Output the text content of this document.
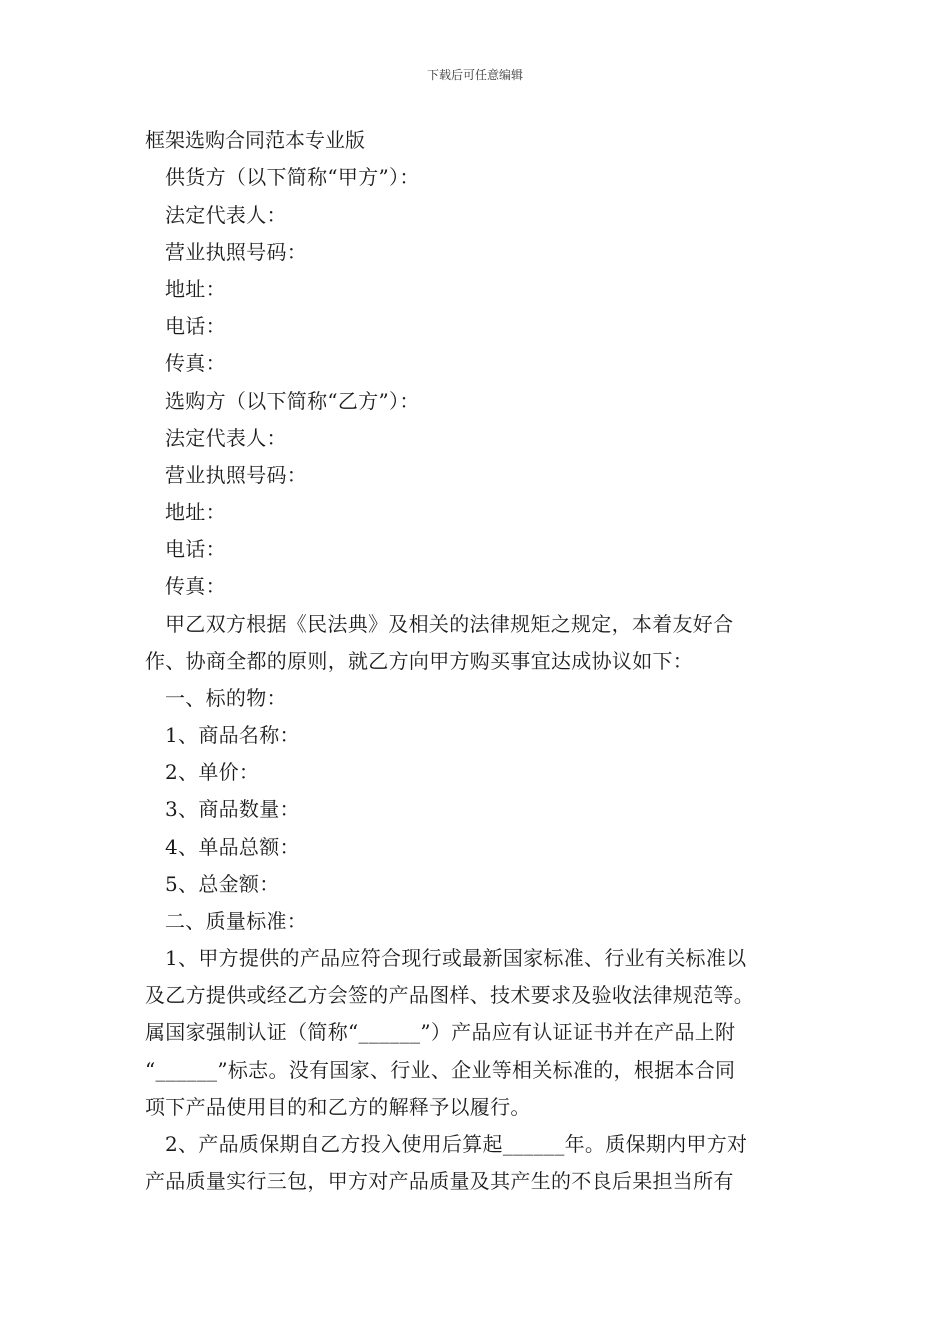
下载后可任意编辑
框架选购合同范本专业版
供货方（以下简称“甲方”）：
法定代表人：
营业执照号码：
地址：
电话：
传真：
选购方（以下简称“乙方”）：
法定代表人：
营业执照号码：
地址：
电话：
传真：
甲乙双方根据《民法典》及相关的法律规矩之规定，本着友好合
作、协商全都的原则，就乙方向甲方购买事宜达成协议如下：
一、标的物：
1、商品名称：
2、单价：
3、商品数量：
4、单品总额：
5、总金额：
二、质量标准：
1、甲方提供的产品应符合现行或最新国家标准、行业有关标准以
及乙方提供或经乙方会签的产品图样、技术要求及验收法律规范等。
属国家强制认证（简称“______”）产品应有认证证书并在产品上附
“______”标志。没有国家、行业、企业等相关标准的，根据本合同
项下产品使用目的和乙方的解释予以履行。
2、产品质保期自乙方投入使用后算起______年。质保期内甲方对
产品质量实行三包，甲方对产品质量及其产生的不良后果担当所有
